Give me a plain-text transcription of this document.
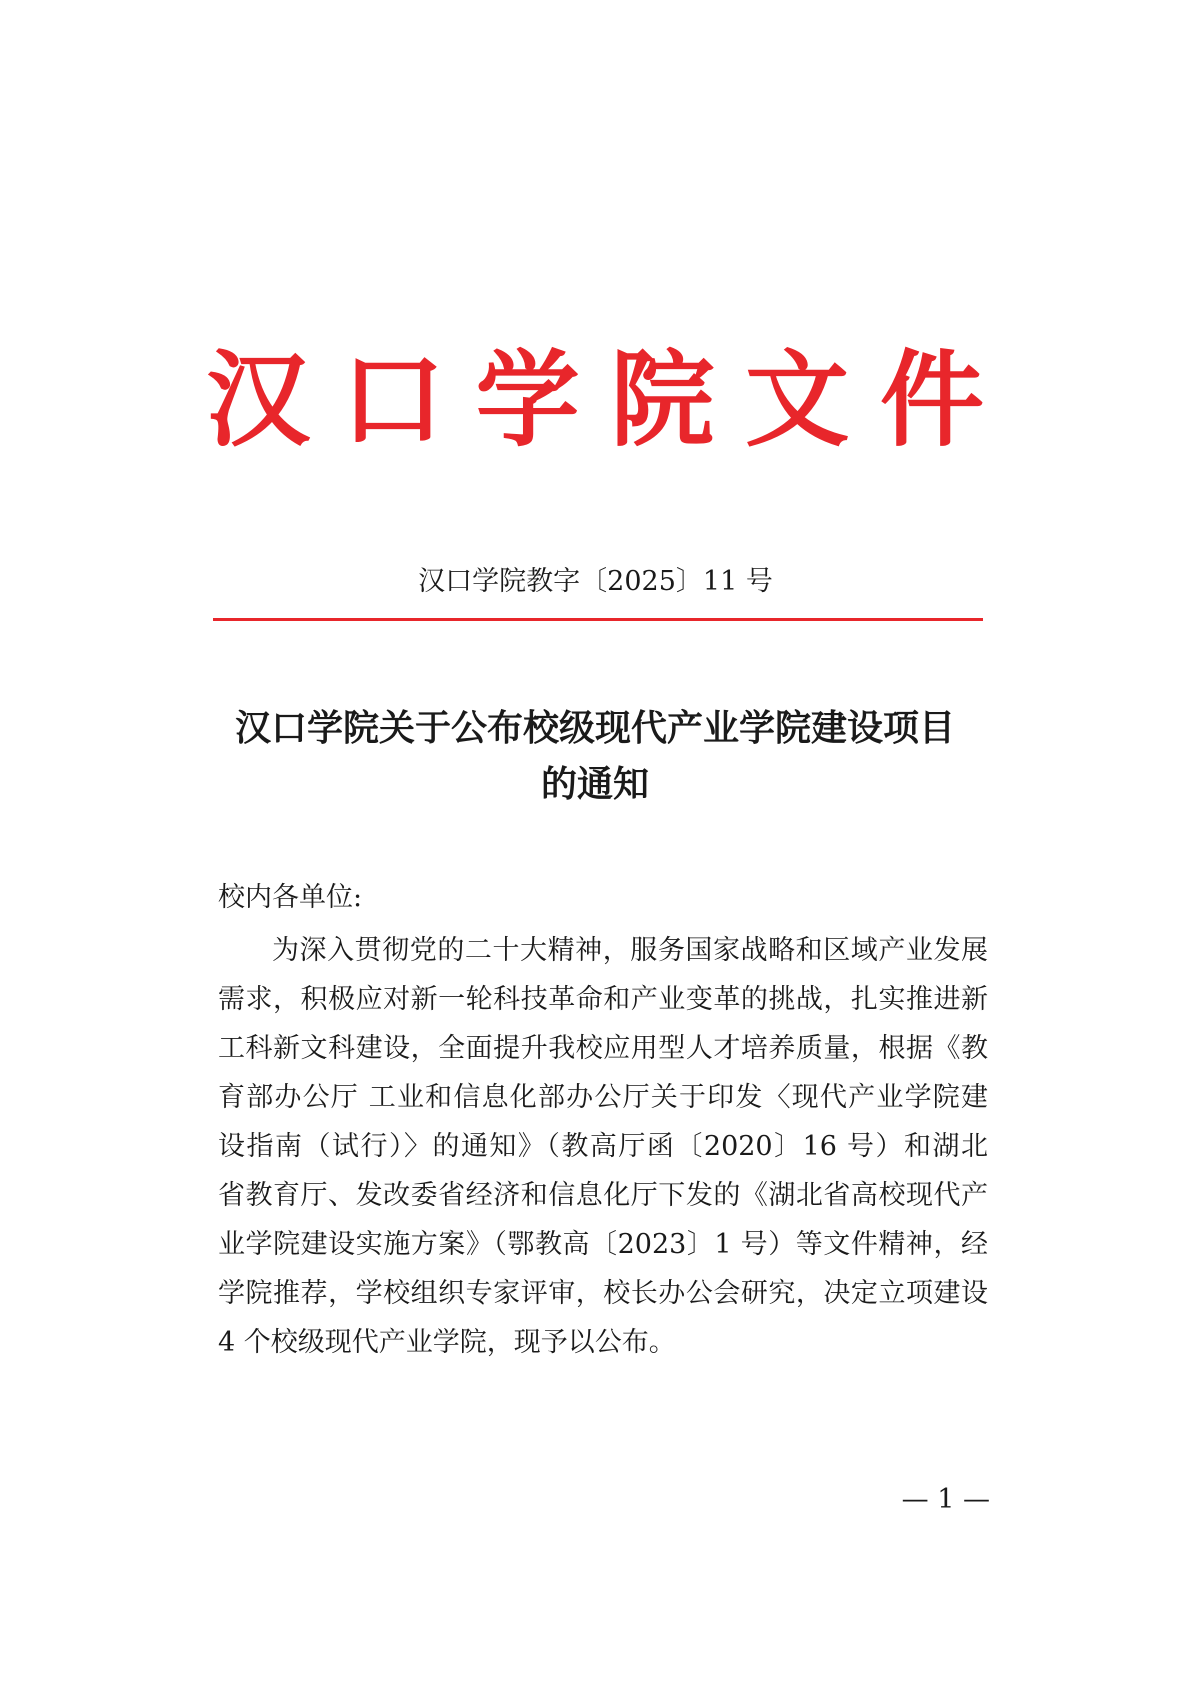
汉 口 学 院 文 件
汉口学院教字〔2025〕11 号
汉口学院关于公布校级现代产业学院建设项目
的通知
校内各单位:
为深入贯彻党的二十大精神，服务国家战略和区域产业发展
需求，积极应对新一轮科技革命和产业变革的挑战，扎实推进新
工科新文科建设，全面提升我校应用型人才培养质量，根据《教
育部办公厅 工业和信息化部办公厅关于印发〈现代产业学院建
设指南（试行）〉的通知》（教高厅函〔2020〕16 号）和湖北
省教育厅、发改委省经济和信息化厅下发的《湖北省高校现代产
业学院建设实施方案》（鄂教高〔2023〕1 号）等文件精神，经
学院推荐，学校组织专家评审，校长办公会研究，决定立项建设
4 个校级现代产业学院，现予以公布。
— 1 —
